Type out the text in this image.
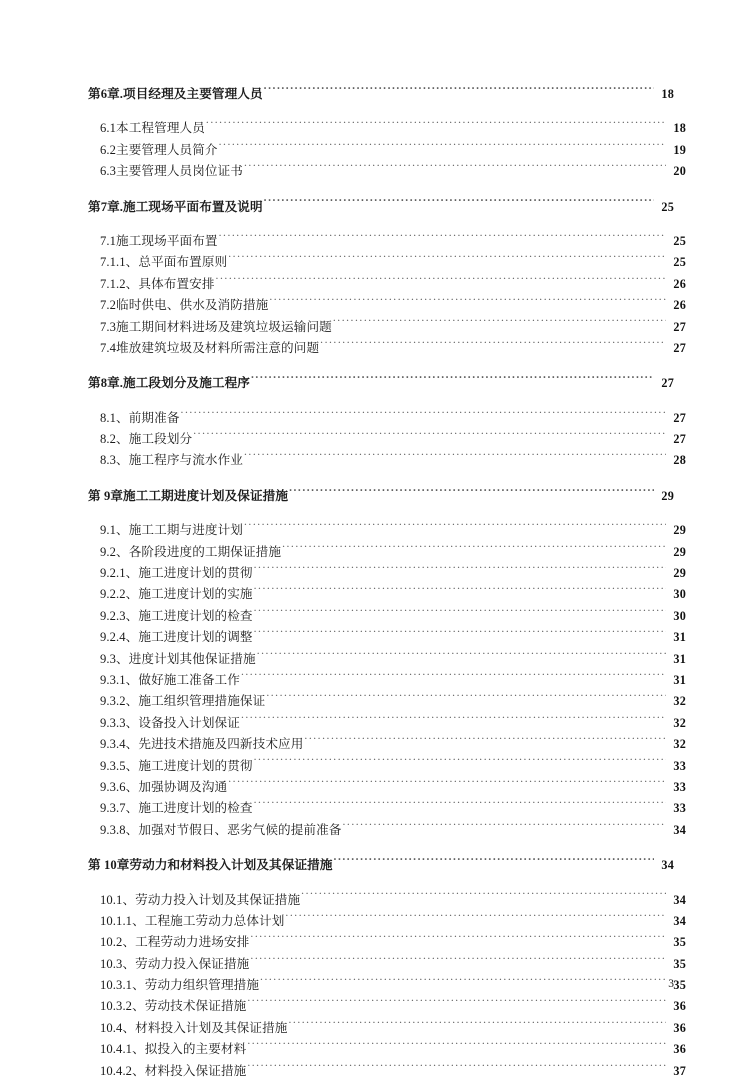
第6章.项目经理及主要管理人员 .....	18
6.1本工程管理人员 .....	18
6.2主要管理人员简介 .....	19
6.3主要管理人员岗位证书 .....	20
第7章.施工现场平面布置及说明 .....	25
7.1施工现场平面布置 .....	25
7.1.1、总平面布置原则 .....	25
7.1.2、具体布置安排 .....	26
7.2临时供电、供水及消防措施 .....	26
7.3施工期间材料进场及建筑垃圾运输问题 .....	27
7.4堆放建筑垃圾及材料所需注意的问题 .....	27
第8章.施工段划分及施工程序 .....	27
8.1、前期准备 .....	27
8.2、施工段划分 .....	27
8.3、施工程序与流水作业 .....	28
第 9章施工工期进度计划及保证措施 .....	29
9.1、施工工期与进度计划 .....	29
9.2、各阶段进度的工期保证措施 .....	29
9.2.1、施工进度计划的贯彻 .....	29
9.2.2、施工进度计划的实施 .....	30
9.2.3、施工进度计划的检查 .....	30
9.2.4、施工进度计划的调整 .....	31
9.3、进度计划其他保证措施 .....	31
9.3.1、做好施工准备工作 .....	31
9.3.2、施工组织管理措施保证 .....	32
9.3.3、设备投入计划保证 .....	32
9.3.4、先进技术措施及四新技术应用 .....	32
9.3.5、施工进度计划的贯彻 .....	33
9.3.6、加强协调及沟通 .....	33
9.3.7、施工进度计划的检查 .....	33
9.3.8、加强对节假日、恶劣气候的提前准备 .....	34
第 10章劳动力和材料投入计划及其保证措施 .....	34
10.1、劳动力投入计划及其保证措施 .....	34
10.1.1、工程施工劳动力总体计划 .....	34
10.2、工程劳动力进场安排 .....	35
10.3、劳动力投入保证措施 .....	35
10.3.1、劳动力组织管理措施 .....	35
10.3.2、劳动技术保证措施 .....	36
10.4、材料投入计划及其保证措施 .....	36
10.4.1、拟投入的主要材料 .....	36
10.4.2、材料投入保证措施 .....	37
3
